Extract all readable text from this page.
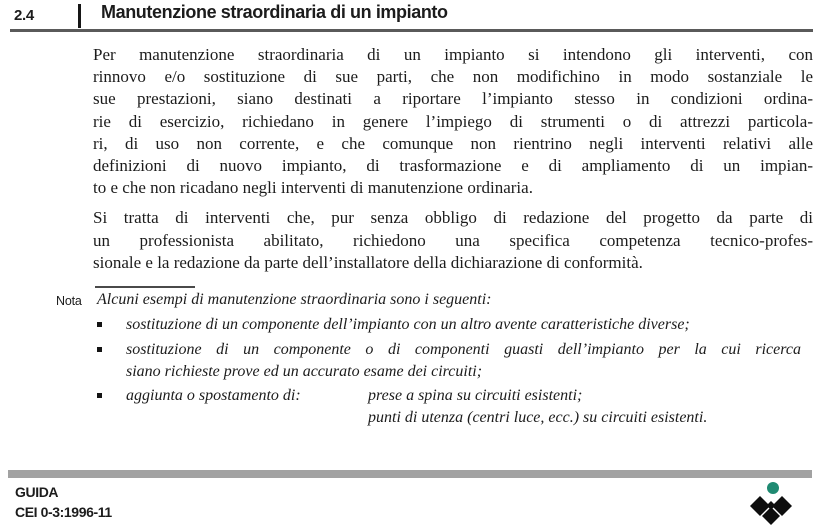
2.4	Manutenzione straordinaria di un impianto
Per manutenzione straordinaria di un impianto si intendono gli interventi, con
rinnovo e/o sostituzione di sue parti, che non modifichino in modo sostanziale le
sue prestazioni, siano destinati a riportare l’impianto stesso in condizioni ordina-
rie di esercizio, richiedano in genere l’impiego di strumenti o di attrezzi particola-
ri, di uso non corrente, e che comunque non rientrino negli interventi relativi alle
definizioni di nuovo impianto, di trasformazione e di ampliamento di un impian-
to e che non ricadano negli interventi di manutenzione ordinaria.
Si tratta di interventi che, pur senza obbligo di redazione del progetto da parte di
un professionista abilitato, richiedono una specifica competenza tecnico-profes-
sionale e la redazione da parte dell’installatore della dichiarazione di conformità.
Nota Alcuni esempi di manutenzione straordinaria sono i seguenti:
sostituzione di un componente dell’impianto con un altro avente caratteristiche diverse;
sostituzione di un componente o di componenti guasti dell’impianto per la cui ricerca
siano richieste prove ed un accurato esame dei circuiti;
aggiunta o spostamento di:	prese a spina su circuiti esistenti;
punti di utenza (centri luce, ecc.) su circuiti esistenti.
GUIDA
CEI 0-3:1996-11
